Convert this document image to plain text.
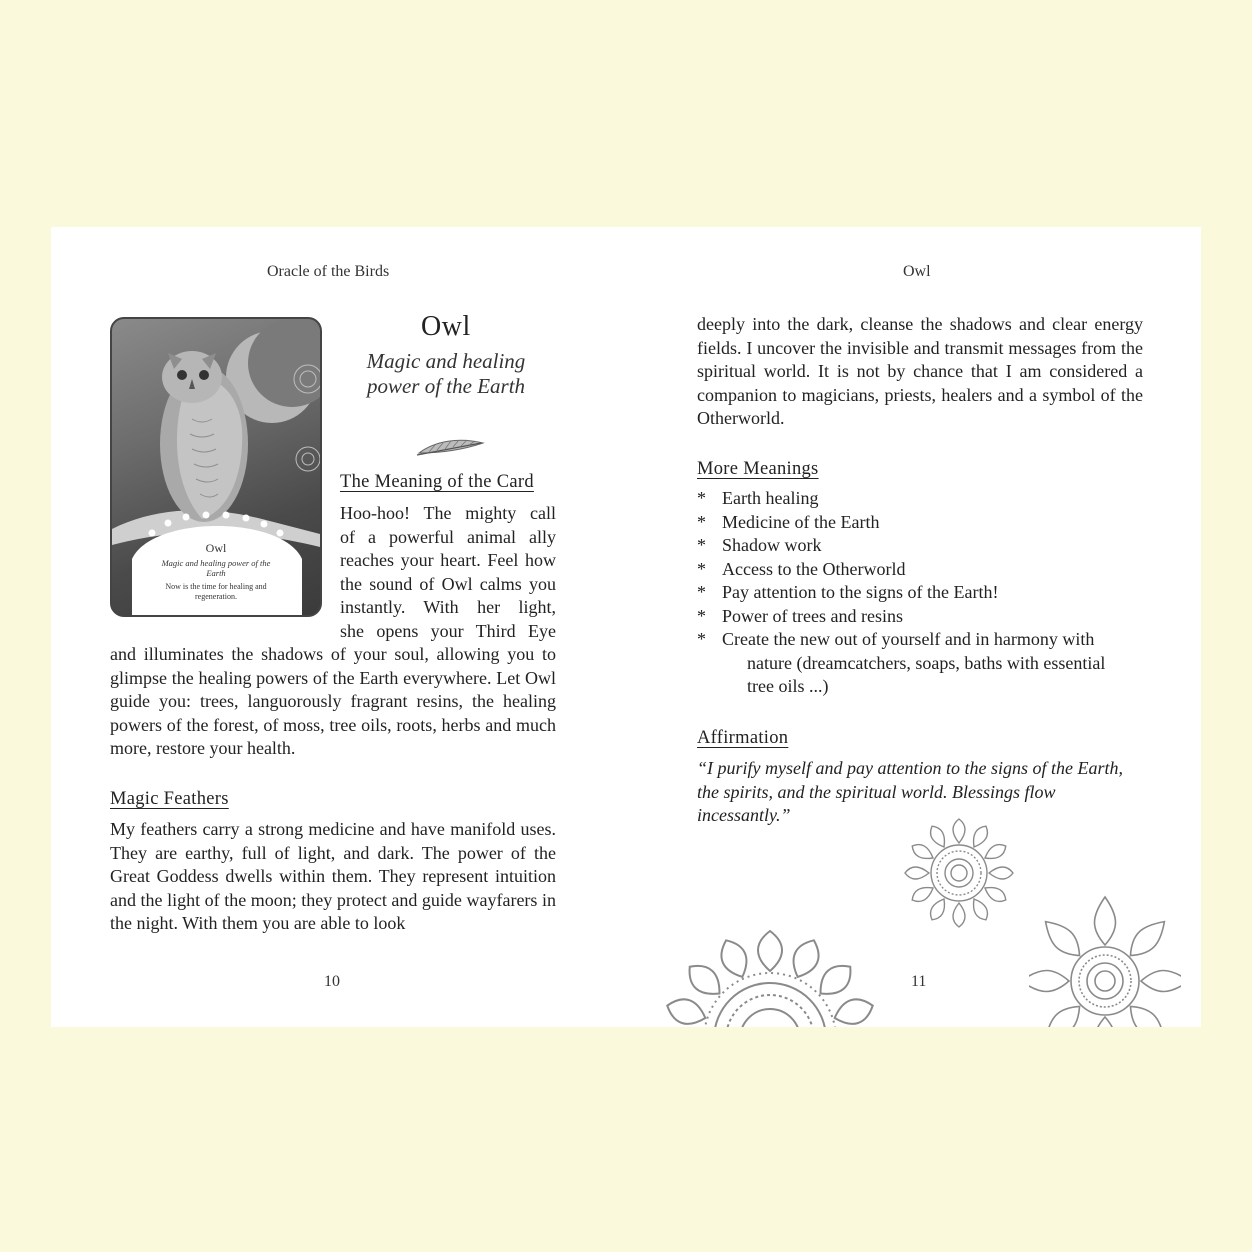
Oracle of the Birds
Owl
Magic and healing power of the Earth
Now is the time for healing and regeneration.
Owl
Magic and healing
power of the Earth
The Meaning of the Card
Hoo-hoo! The mighty call
of a powerful animal ally
reaches your heart. Feel how
the sound of Owl calms you
instantly. With her light,
she opens your Third Eye

and illuminates the shadows of your soul, allowing you to glimpse the healing powers of the Earth everywhere. Let Owl guide you: trees, languorously fragrant resins, the healing powers of the forest, of moss, tree oils, roots, herbs and much more, restore your health.

Magic Feathers

My feathers carry a strong medicine and have manifold uses. They are earthy, full of light, and dark. The power of the Great Goddess dwells within them. They represent intuition and the light of the moon; they protect and guide wayfarers in the night. With them you are able to look

10
Owl

deeply into the dark, cleanse the shadows and clear energy fields. I uncover the invisible and transmit messages from the spiritual world. It is not by chance that I am considered a companion to magicians, priests, healers and a symbol of the Otherworld.

More Meanings
* Earth healing
* Medicine of the Earth
* Shadow work
* Access to the Otherworld
* Pay attention to the signs of the Earth!
* Power of trees and resins
* Create the new out of yourself and in harmony with
nature (dreamcatchers, soaps, baths with essential
tree oils ...)
Affirmation

“I purify myself and pay attention to the signs of the Earth, the spirits, and the spiritual world. Blessings flow incessantly.”

11
